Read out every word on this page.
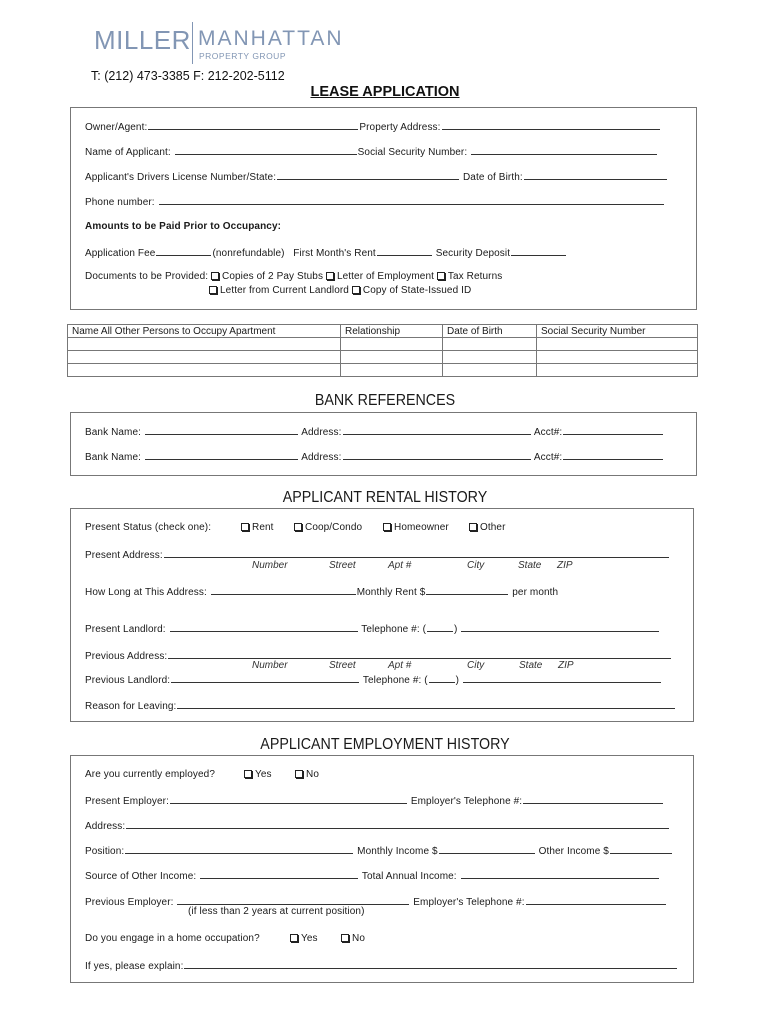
MILLER MANHATTAN
PROPERTY GROUP
T: (212) 473-3385 F: 212-202-5112
LEASE APPLICATION
Owner/Agent:	Property Address:
Name of Applicant:	Social Security Number:
Applicant's Drivers License Number/State:	Date of Birth:
Phone number:
Amounts to be Paid Prior to Occupancy:
Application Fee	(nonrefundable) First Month's Rent	Security Deposit
Documents to be Provided: Copies of 2 Pay Stubs Letter of Employment Tax Returns
Letter from Current Landlord Copy of State-Issued ID
Name All Other Persons to Occupy Apartment	Relationship	Date of Birth	Social Security Number

BANK REFERENCES
Bank Name:	Address:	Acct#:
Bank Name:	Address:	Acct#:
APPLICANT RENTAL HISTORY
Present Status (check one):	Rent	Coop/Condo	Homeowner	Other
Present Address:
Number	Street	Apt #	City	State ZIP
How Long at This Address:	Monthly Rent $	per month
Present Landlord:	Telephone #: (	)
Previous Address:
Number	Street	Apt #	City	State ZIP
Previous Landlord:	Telephone #: (	)
Reason for Leaving:
APPLICANT EMPLOYMENT HISTORY
Are you currently employed?	Yes	No
Present Employer:	Employer's Telephone #:
Address:
Position:	Monthly Income $	Other Income $
Source of Other Income:	Total Annual Income:
Previous Employer:	Employer's Telephone #:
(if less than 2 years at current position)
Do you engage in a home occupation?	Yes	No
If yes, please explain:
